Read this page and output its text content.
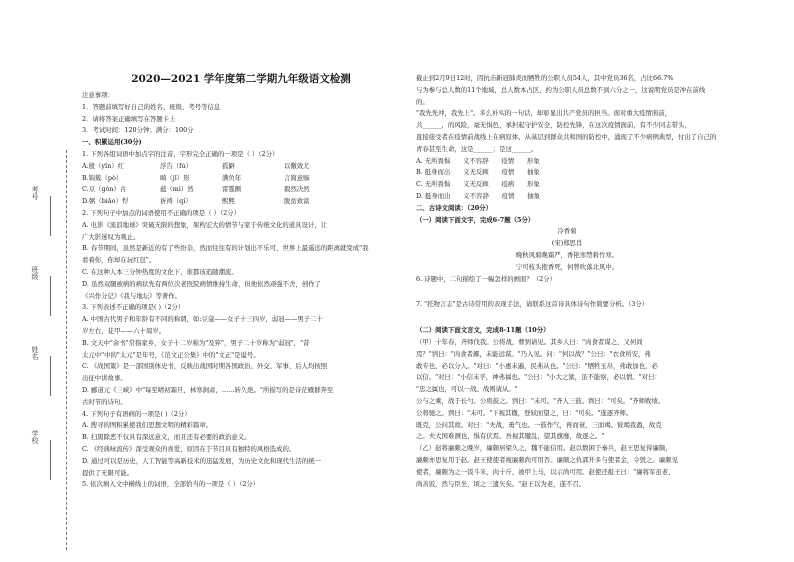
考号
班级
姓名
学校
2020—2021 学年度第二学期九年级语文检测
注意事项：
1．答题前填写好自己的姓名、班级、考号等信息
2．请将答案正确填写在答题卡上
3．考试时间：120分钟；满分：100分
一、积累运用(30分)
1. 下列各组词语中加点字的注音、字形完全正确的一项是（ ）（2分）
A.殷（yīn）红	浮告（fú）	孤僻	以儆效尤
B.锦簇（pò）	畸（jī）形	满负年	言简意赅
C.豆（gòn）古	蕴（mì）然	雷霆颤	毅然决然
D.粥（biāo）悍	祈祷（qí）	熙熙	脱贫致富
2. 下列句子中加点的词语使用不正确的项是（ ）（2分）
A. 电影《流浪地球》突破无限的想象，架构宏大的情节与家于传统文化的道具设计，让
广大影迷叹为观止。
B. 春节期间，虽然是新近的有了些纷杂，然而往往有的计划出不乐可，世界上最遥远的距离就变成"我
看着你，你却在玩红包"。
C. 在这种人本三分钟热度的文化下，谁都该追随潮流。
D. 虽然双腿被病的病状先有两位次老医院病情维持生命，但他依然顽强不舍，创作了
《兴作分记》《我与地坛》等著作。
3. 下列表述不正确的项是( )（2分）
A. 中国古代男子和年龄有不同的称谓，如:豆蔻——女子十三四岁，弱冠——男子二十
岁左右，花甲——六十周岁。
B. 文天中"余书"常指家乡，女子十二岁称为"及笄"，男子二十岁称为"弱冠"，"昔
太元中"中的"太元"是年号，《范文正公集》中的"文正"是谥号。
C. 《战国策》是一部国别体史书，反映出战国时期各国政治、外交、军事、后人均按照
出征中讲故事。
D. 郦道元《三峡》中"每至晴初霜旦，林寒涧肃，……转久绝。"所描写的是诗茫雁群奔至
古时节的诗句。
4. 下列句子有语病的一项是( )（2分）
A. 搜寻的图积累使我们思想文明的精彩篇章。
B. 扫黑除恶不仅具有深远意义，而且还有必要的政治意义。
C. 《经典咏流传》深受观众的喜爱，原因在于节目具有独特的风格选成的。
D. 通过可以是历史，人工智能等高新技术的迅猛发展，为历史文化和现代生活的统一
提供了无限可能。
5. 依次填入文中横线上的词语，全部恰当的一项是（ ）（2分）
截止到2月9日12时，因抗击新冠肺炎而牺牲的公职人员54人，其中党员36名，占比66.7%
与为参与总人数的11个地域，总人数本占区，约为公职人员总数不到六分之一，这说明党员是冲在前线
的。
"我先先冲，我先上"。多么朴实的一句话，却彰显出共产党员的担当。面对重大疫情面前，
共______，的风险，毫无惧色，承担起守护安全，防控先锋，在这次疫情面前，有不少同志带头，
直接接受者在疫情前战线上在病原体、从基层到群众共和国的防控中，涌现了不少病例典型，付出了自己的
青春甚至生命，这是______；是这______。
A. 无所畏惧　　义不容辞　　疫情　　形象
B. 挺身而出　　义无反顾　　疫情　　抽象
C. 无所畏惧　　义无反顾　　疫病　　形象
D. 挺身而出　　义不容辞　　疫情　　抽象
二、古诗文阅读：（20分）
（一）阅读下面文字，完成6-7题（5分）
冷香菊
(宋)郑思肖
晚秋风菊晚霜严，香艳寒禁碧竹寒。
宁可枝头抱香死，何曾吹落北风中。
6. 诗题中，二句描绘了一幅怎样的画面？（2分）
7. "托物言志"是古诗常用的表现手法，请联系这首诗具体诗句作简要分析。（3分）
（二）阅读下面文言文，完成8-11题（10分）
（甲）十年春，齐师伐我。公将战，曹刿请见。其乡人曰："肉食者谋之，又何间
焉？"刿曰："肉食者鄙，未能远谋。"乃入见。问："何以战？"公曰："衣食所安，弗
敢专也，必以分人。"对曰："小惠未遍，民弗从也。"公曰："牺牲玉帛，弗敢加也，必
以信。"对曰："小信未孚，神弗福也。"公曰："小大之狱，虽不能察，必以情。"对曰：
"忠之属也，可以一战。战则请从。"
公与之乘，战于长勺。公将鼓之。刿曰："未可。"齐人三鼓。刿曰："可矣。"齐师败绩。
公将驰之。刿曰："未可。"下视其辙，登轼而望之，曰："可矣。"遂逐齐师。
既克，公问其故。对曰："夫战，勇气也。一鼓作气，再而衰，三而竭。彼竭我盈，故克
之。夫大国难测也，惧有伏焉。吾视其辙乱，望其旗靡，故逐之。"
（乙）赵将廉颇之晚岁，廉颇居梁久之，魏不能信用。赵以数困于秦兵，赵王思复得廉颇，
廉颇亦思复用于赵。赵王使使者视廉颇尚可用否。廉颇之仇郭开多与使者金，令毁之。廉颇见
使者，廉颇为之一饭斗米，肉十斤，被甲上马，以示尚可用。赵使还报王曰："廉将军虽老，
尚善饭，然与臣坐，顷之三遗矢矣。"赵王以为老，遂不召。
